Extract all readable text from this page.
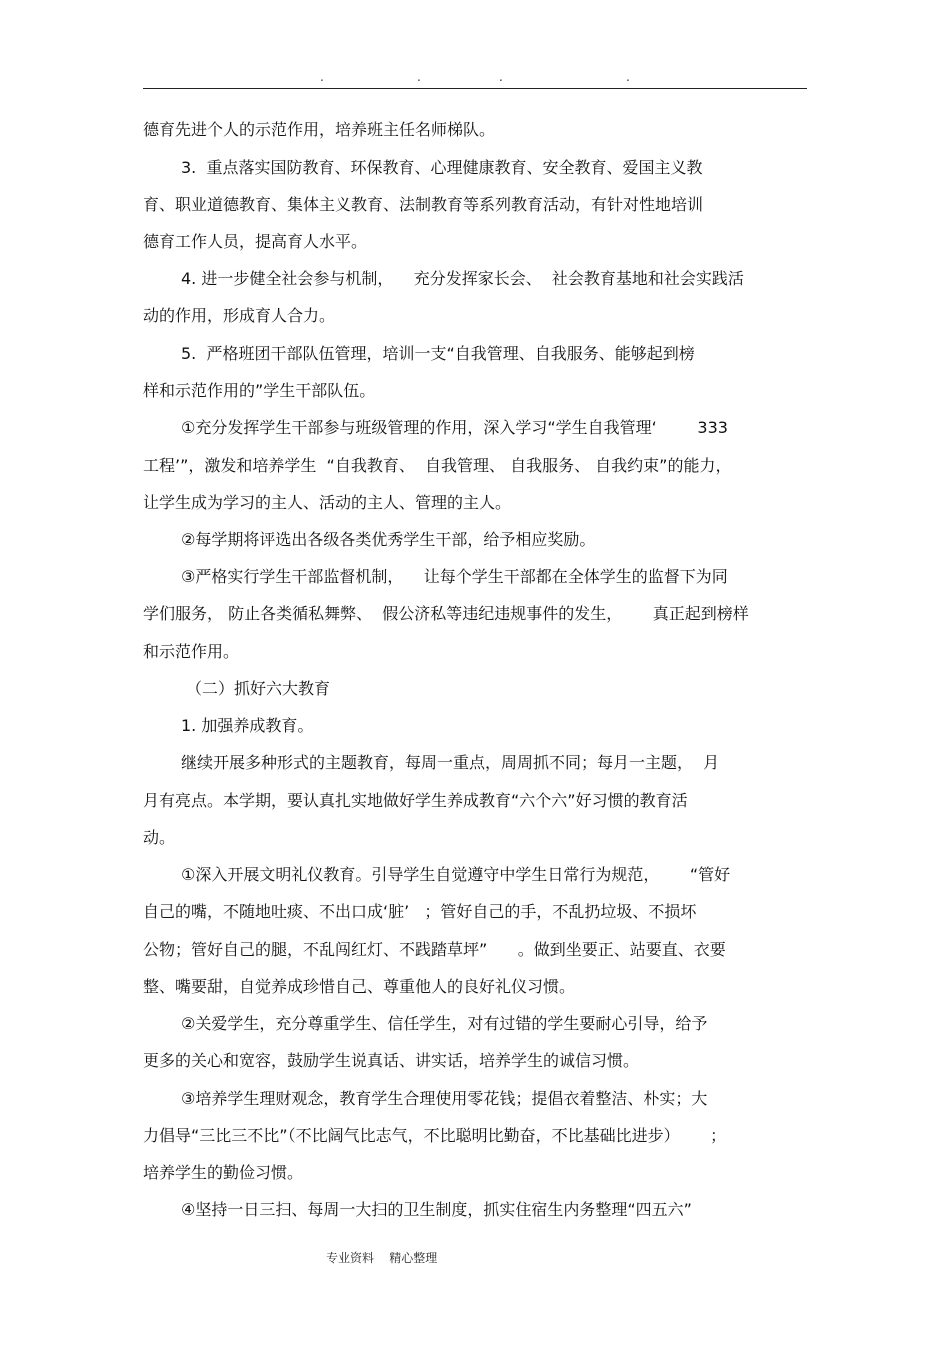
.	.	.	.
德育先进个人的示范作用，培养班主任名师梯队。
3.  重点落实国防教育、环保教育、心理健康教育、安全教育、爱国主义教
育、职业道德教育、集体主义教育、法制教育等系列教育活动，有针对性地培训
德育工作人员，提高育人水平。
4. 进一步健全社会参与机制，    充分发挥家长会、  社会教育基地和社会实践活
动的作用，形成育人合力。
5.  严格班团干部队伍管理，培训一支“自我管理、自我服务、能够起到榜
样和示范作用的”学生干部队伍。
①充分发挥学生干部参与班级管理的作用，深入学习“学生自我管理‘        333
工程’”，激发和培养学生  “自我教育、  自我管理、 自我服务、 自我约束”的能力，
让学生成为学习的主人、活动的主人、管理的主人。
②每学期将评选出各级各类优秀学生干部，给予相应奖励。
③严格实行学生干部监督机制，    让每个学生干部都在全体学生的监督下为同
学们服务， 防止各类循私舞弊、  假公济私等违纪违规事件的发生，      真正起到榜样
和示范作用。
（二）抓好六大教育
1. 加强养成教育。
继续开展多种形式的主题教育，每周一重点，周周抓不同；每月一主题，  月
月有亮点。本学期，要认真扎实地做好学生养成教育“六个六”好习惯的教育活
动。
①深入开展文明礼仪教育。引导学生自觉遵守中学生日常行为规范，      “管好
自己的嘴，不随地吐痰、不出口成‘脏’   ；管好自己的手，不乱扔垃圾、不损坏
公物；管好自己的腿，不乱闯红灯、不践踏草坪”      。做到坐要正、站要直、衣要
整、嘴要甜，自觉养成珍惜自己、尊重他人的良好礼仪习惯。
②关爱学生，充分尊重学生、信任学生，对有过错的学生要耐心引导，给予
更多的关心和宽容，鼓励学生说真话、讲实话，培养学生的诚信习惯。
③培养学生理财观念，教育学生合理使用零花钱；提倡衣着整洁、朴实；大
力倡导“三比三不比”（不比阔气比志气，不比聪明比勤奋，不比基础比进步）      ；
培养学生的勤俭习惯。
④坚持一日三扫、每周一大扫的卫生制度，抓实住宿生内务整理“四五六”
专业资料    精心整理
